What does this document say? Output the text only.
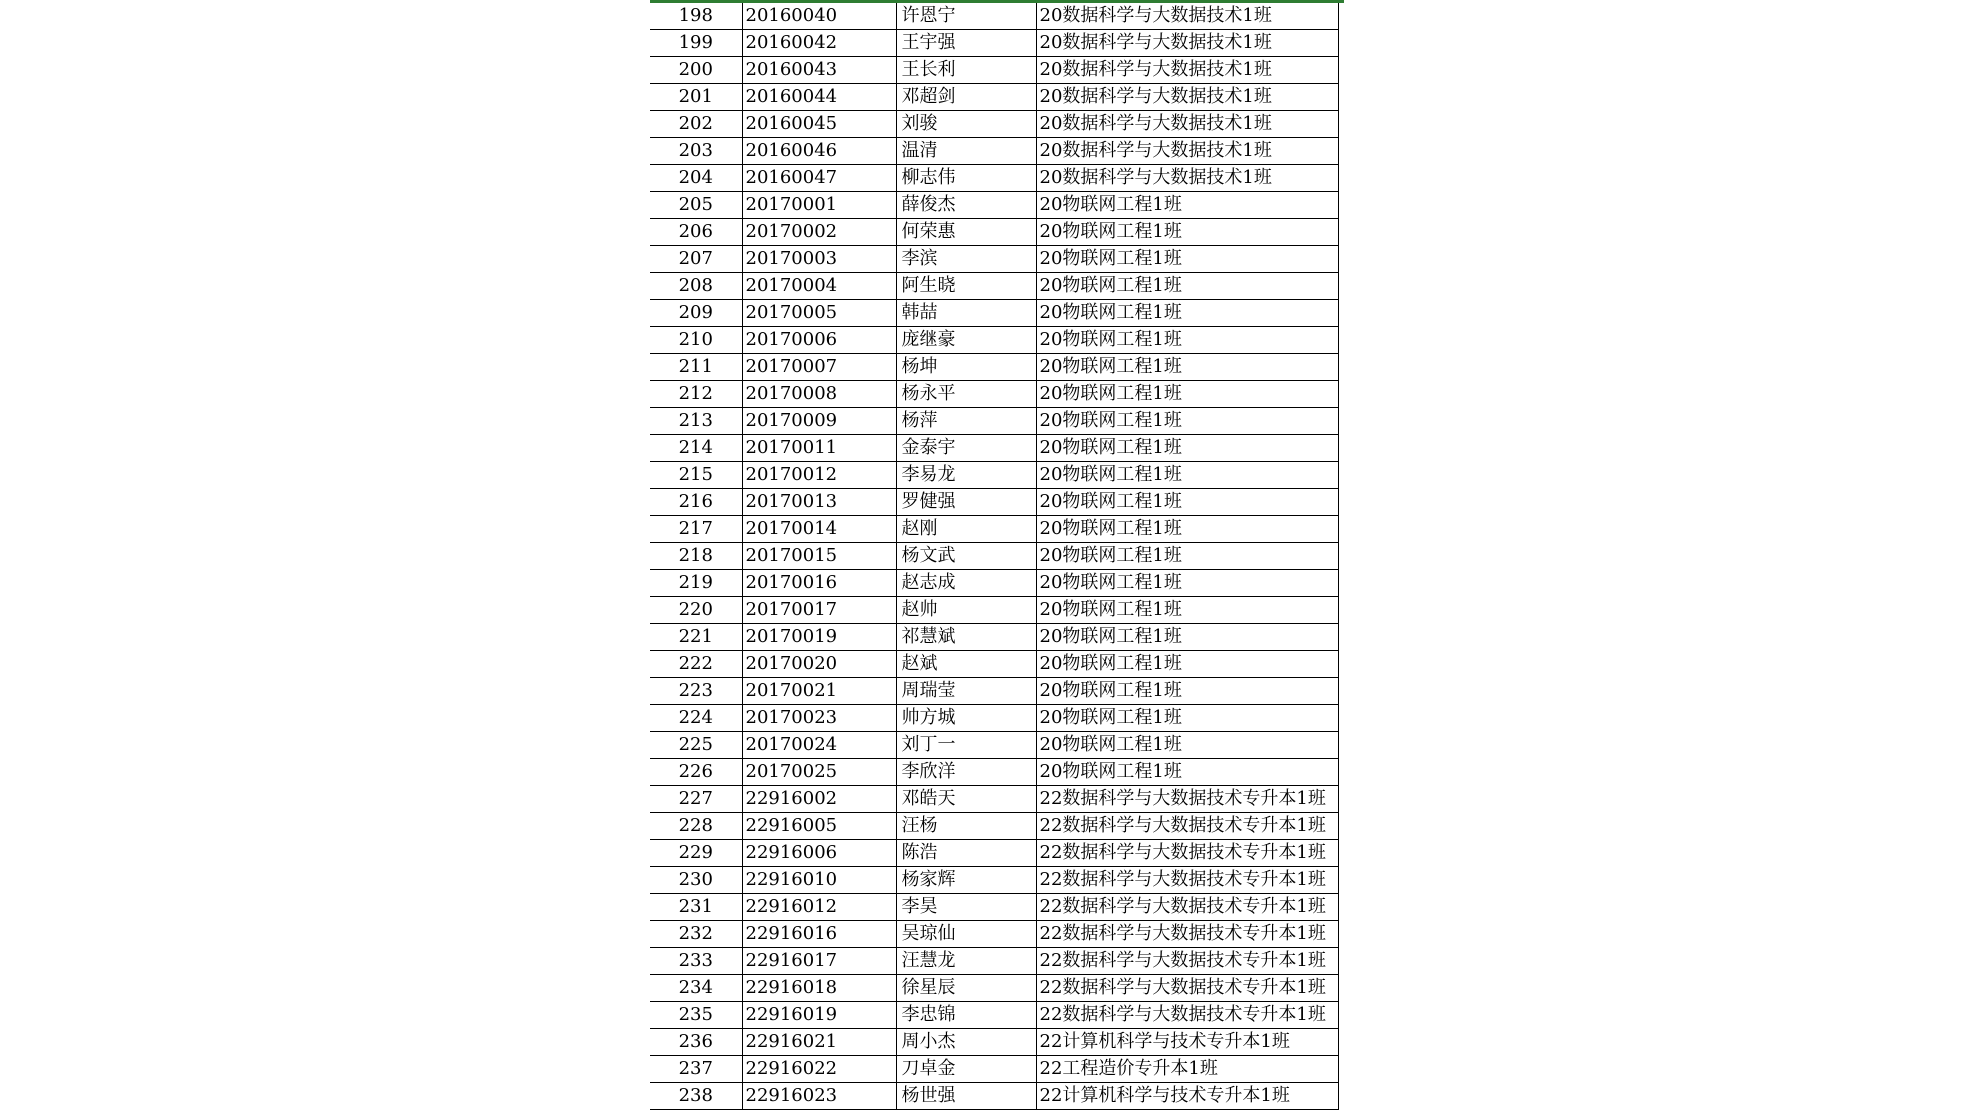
198	20160040	许恩宁	20数据科学与大数据技术1班
199	20160042	王宇强	20数据科学与大数据技术1班
200	20160043	王长利	20数据科学与大数据技术1班
201	20160044	邓超剑	20数据科学与大数据技术1班
202	20160045	刘骏	20数据科学与大数据技术1班
203	20160046	温清	20数据科学与大数据技术1班
204	20160047	柳志伟	20数据科学与大数据技术1班
205	20170001	薛俊杰	20物联网工程1班
206	20170002	何荣惠	20物联网工程1班
207	20170003	李滨	20物联网工程1班
208	20170004	阿生晓	20物联网工程1班
209	20170005	韩喆	20物联网工程1班
210	20170006	庞继豪	20物联网工程1班
211	20170007	杨坤	20物联网工程1班
212	20170008	杨永平	20物联网工程1班
213	20170009	杨萍	20物联网工程1班
214	20170011	金泰宇	20物联网工程1班
215	20170012	李易龙	20物联网工程1班
216	20170013	罗健强	20物联网工程1班
217	20170014	赵刚	20物联网工程1班
218	20170015	杨文武	20物联网工程1班
219	20170016	赵志成	20物联网工程1班
220	20170017	赵帅	20物联网工程1班
221	20170019	祁慧斌	20物联网工程1班
222	20170020	赵斌	20物联网工程1班
223	20170021	周瑞莹	20物联网工程1班
224	20170023	帅方城	20物联网工程1班
225	20170024	刘丁一	20物联网工程1班
226	20170025	李欣洋	20物联网工程1班
227	22916002	邓皓天	22数据科学与大数据技术专升本1班
228	22916005	汪杨	22数据科学与大数据技术专升本1班
229	22916006	陈浩	22数据科学与大数据技术专升本1班
230	22916010	杨家辉	22数据科学与大数据技术专升本1班
231	22916012	李昊	22数据科学与大数据技术专升本1班
232	22916016	吴琼仙	22数据科学与大数据技术专升本1班
233	22916017	汪慧龙	22数据科学与大数据技术专升本1班
234	22916018	徐星辰	22数据科学与大数据技术专升本1班
235	22916019	李忠锦	22数据科学与大数据技术专升本1班
236	22916021	周小杰	22计算机科学与技术专升本1班
237	22916022	刀卓金	22工程造价专升本1班
238	22916023	杨世强	22计算机科学与技术专升本1班
